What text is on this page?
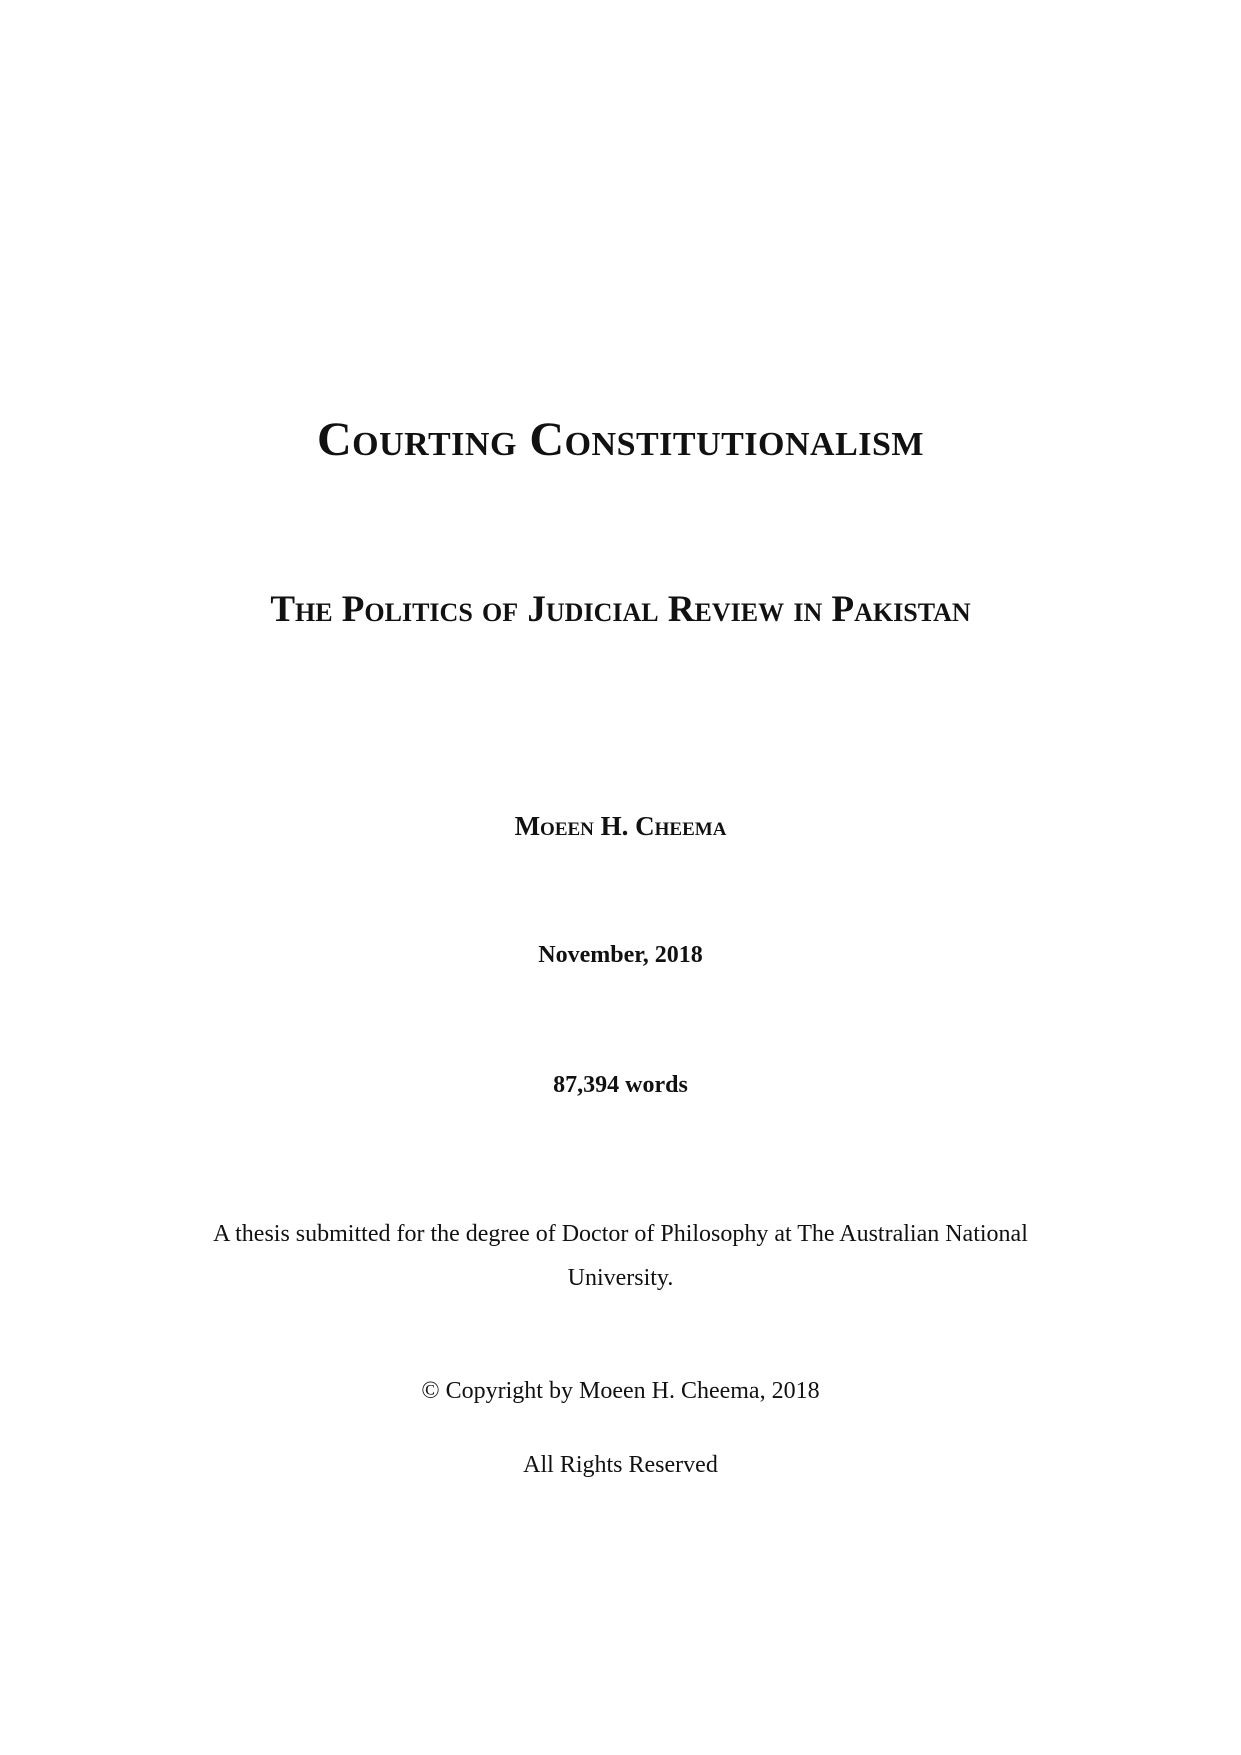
Courting Constitutionalism
The Politics of Judicial Review in Pakistan
Moeen H. Cheema
November, 2018
87,394 words
A thesis submitted for the degree of Doctor of Philosophy at The Australian National University.
© Copyright by Moeen H. Cheema, 2018
All Rights Reserved
